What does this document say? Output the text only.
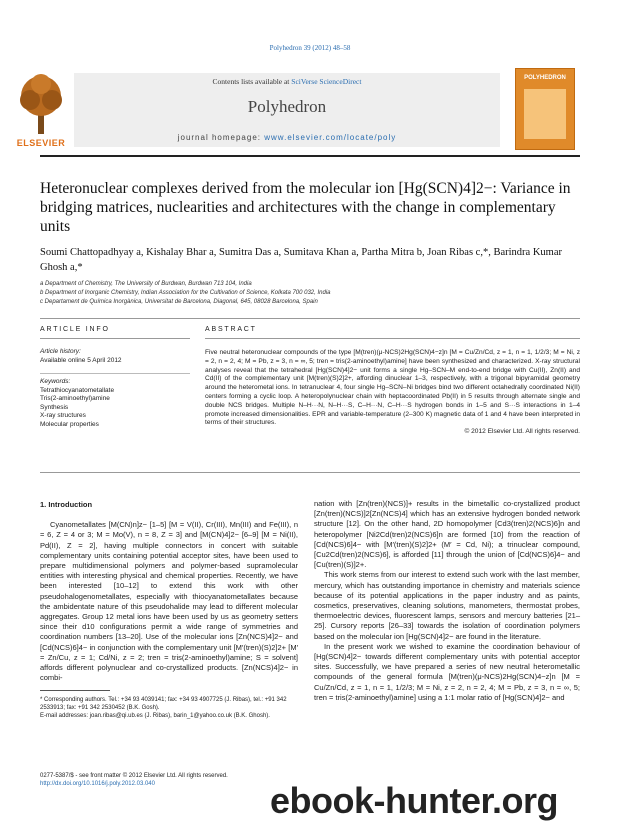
Polyhedron 39 (2012) 48–58
ELSEVIER
Contents lists available at SciVerse ScienceDirect
Polyhedron
journal homepage: www.elsevier.com/locate/poly
POLYHEDRON
Heteronuclear complexes derived from the molecular ion [Hg(SCN)4]2−: Variance in bridging matrices, nuclearities and architectures with the change in complementary units
Soumi Chattopadhyay a, Kishalay Bhar a, Sumitra Das a, Sumitava Khan a, Partha Mitra b, Joan Ribas c,*, Barindra Kumar Ghosh a,*
a Department of Chemistry, The University of Burdwan, Burdwan 713 104, India
b Department of Inorganic Chemistry, Indian Association for the Cultivation of Science, Kolkata 700 032, India
c Departament de Química Inorgànica, Universitat de Barcelona, Diagonal, 645, 08028 Barcelona, Spain
ARTICLE INFO	ABSTRACT
Article history:
Available online 5 April 2012
Keywords:
Tetrathiocyanatometallate
Tris(2-aminoethyl)amine
Synthesis
X-ray structures
Molecular properties
Five neutral heteronuclear compounds of the type [M(tren)(μ-NCS)2Hg(SCN)4−z]n [M = Cu/Zn/Cd, z = 1, n = 1, 1/2/3; M = Ni, z = 2, n = 2, 4; M = Pb, z = 3, n = ∞, 5; tren = tris(2-aminoethyl)amine] have been synthesized and characterized. X-ray structural analyses reveal that the tetrahedral [Hg(SCN)4]2− unit forms a single Hg–SCN–M end-to-end bridge with Cu(II), Zn(II) and Cd(II) of the complementary unit [M(tren)(S)2]2+, affording dinuclear 1–3, respectively, with a trigonal bipyramidal geometry around the heterometal ions. In tetranuclear 4, four single Hg–SCN–Ni bridges bind two different octahedrally coordinated Ni(II) centers forming a cyclic loop. A heteropolynuclear chain with heptacoordinated Pb(II) in 5 results through alternate single and double NCS bridges. Multiple N–H···N, N–H···S, C–H···N, C–H···S hydrogen bonds in 1–5 and S···S interactions in 1–4 promote increased dimensionalities. EPR and variable-temperature (2–300 K) magnetic data of 1 and 4 have been interpreted in terms of their structures.
© 2012 Elsevier Ltd. All rights reserved.
1. Introduction

Cyanometallates [M(CN)n]z− [1–5] [M = V(II), Cr(III), Mn(III) and Fe(III), n = 6, Z = 4 or 3; M = Mo(V), n = 8, Z = 3] and [M(CN)4]2− [6–9] [M = Ni(II), Pd(II), Z = 2], having multiple connectors in concert with suitable complementary units containing potential acceptor sites, have been used to prepare multidimensional polymers and polymer-based supramolecular entities with interesting physical and chemical properties. Recently, we have been interested [10–12] to extend this work with other pseudohalogenometallates, especially with thiocyanatometallates because the ambidentate nature of this pseudohalide may lead to different molecular aggregates. Group 12 metal ions have been used by us as geometry setters since their d10 configurations permit a wide range of symmetries and coordination numbers [13–20]. Use of the molecular ions [Zn(NCS)4]2− and [Cd(NCS)6]4− in conjunction with the complementary unit [M′(tren)(S)2]2+ [M′ = Zn/Cu, z = 1; Cd/Ni, z = 2; tren = tris(2-aminoethyl)amine; S = solvent] affords different polynuclear and co-crystallized products. [Zn(NCS)4]2− in combi-

nation with [Zn(tren)(NCS)]+ results in the bimetallic co-crystallized product [Zn(tren)(NCS)]2[Zn(NCS)4] which has an extensive hydrogen bonded network structure [12]. On the other hand, 2D homopolymer [Cd3(tren)2(NCS)6]n and heteropolymer [Ni2Cd(tren)2(NCS)6]n are formed [10] from the reaction of [Cd(NCS)6]4− with [M′(tren)(S)2]2+ (M′ = Cd, Ni); a trinuclear compound, [Cu2Cd(tren)2(NCS)6], is afforded [11] through the union of [Cd(NCS)6]4− and [Cu(tren)(S)]2+.

This work stems from our interest to extend such work with the last member, mercury, which has outstanding importance in chemistry and materials science because of its potential applications in the paper industry and as paints, cosmetics, preservatives, cleaning solutions, manometers, thermostat probes, thermoelectric devices, fluorescent lamps, sensors and mercury batteries [21–25]. Cursory reports [26–33] towards the isolation of coordination polymers based on the molecular ion [Hg(SCN)4]2− are found in the literature.

In the present work we wished to examine the coordination behaviour of [Hg(SCN)4]2− towards different complementary units with potential acceptor sites. Successfully, we have prepared a series of new neutral heterometallic compounds of the general formula [M(tren)(μ-NCS)2Hg(SCN)4−z]n [M = Cu/Zn/Cd, z = 1, n = 1, 1/2/3; M = Ni, z = 2, n = 2, 4; M = Pb, z = 3, n = ∞, 5; tren = tris(2-aminoethyl)amine] using a 1:1 molar ratio of [Hg(SCN)4]2− and

* Corresponding authors. Tel.: +34 93 4039141; fax: +34 93 4907725 (J. Ribas), tel.: +91 342 2533913; fax: +91 342 2530452 (B.K. Gosh).
E-mail addresses: joan.ribas@qi.ub.es (J. Ribas), barin_1@yahoo.co.uk (B.K. Ghosh).
0277-5387/$ - see front matter © 2012 Elsevier Ltd. All rights reserved.
http://dx.doi.org/10.1016/j.poly.2012.03.040	ebook-hunter.org
